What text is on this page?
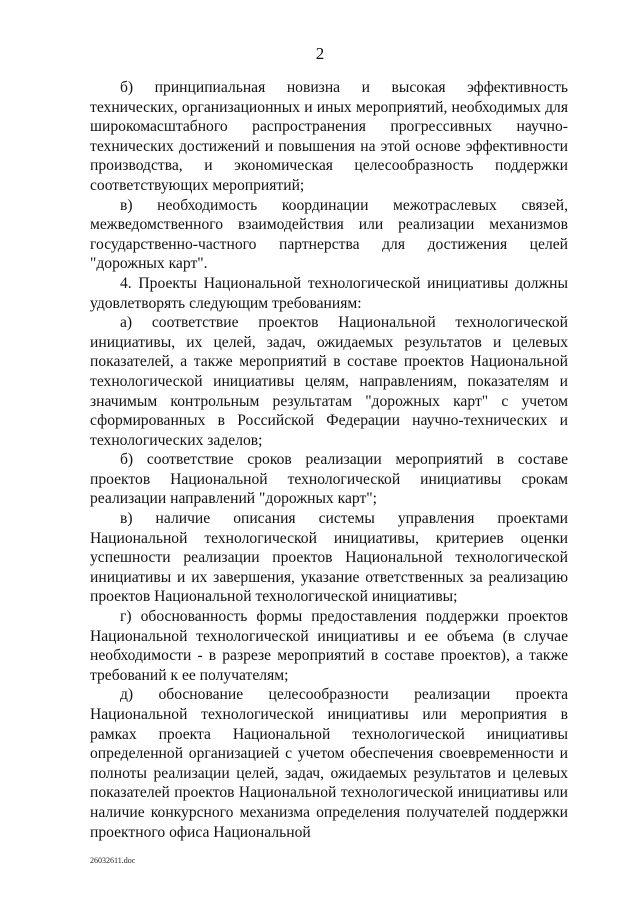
2

б) принципиальная новизна и высокая эффективность технических, организационных и иных мероприятий, необходимых для широкомасштабного распространения прогрессивных научно-технических достижений и повышения на этой основе эффективности производства, и экономическая целесообразность поддержки соответствующих мероприятий;

в) необходимость координации межотраслевых связей, межведомственного взаимодействия или реализации механизмов государственно-частного партнерства для достижения целей "дорожных карт".

4. Проекты Национальной технологической инициативы должны удовлетворять следующим требованиям:

а) соответствие проектов Национальной технологической инициативы, их целей, задач, ожидаемых результатов и целевых показателей, а также мероприятий в составе проектов Национальной технологической инициативы целям, направлениям, показателям и значимым контрольным результатам "дорожных карт" с учетом сформированных в Российской Федерации научно-технических и технологических заделов;

б) соответствие сроков реализации мероприятий в составе проектов Национальной технологической инициативы срокам реализации направлений "дорожных карт";

в) наличие описания системы управления проектами Национальной технологической инициативы, критериев оценки успешности реализации проектов Национальной технологической инициативы и их завершения, указание ответственных за реализацию проектов Национальной технологической инициативы;

г) обоснованность формы предоставления поддержки проектов Национальной технологической инициативы и ее объема (в случае необходимости - в разрезе мероприятий в составе проектов), а также требований к ее получателям;

д) обоснование целесообразности реализации проекта Национальной технологической инициативы или мероприятия в рамках проекта Национальной технологической инициативы определенной организацией с учетом обеспечения своевременности и полноты реализации целей, задач, ожидаемых результатов и целевых показателей проектов Национальной технологической инициативы или наличие конкурсного механизма определения получателей поддержки проектного офиса Национальной

26032611.doc
